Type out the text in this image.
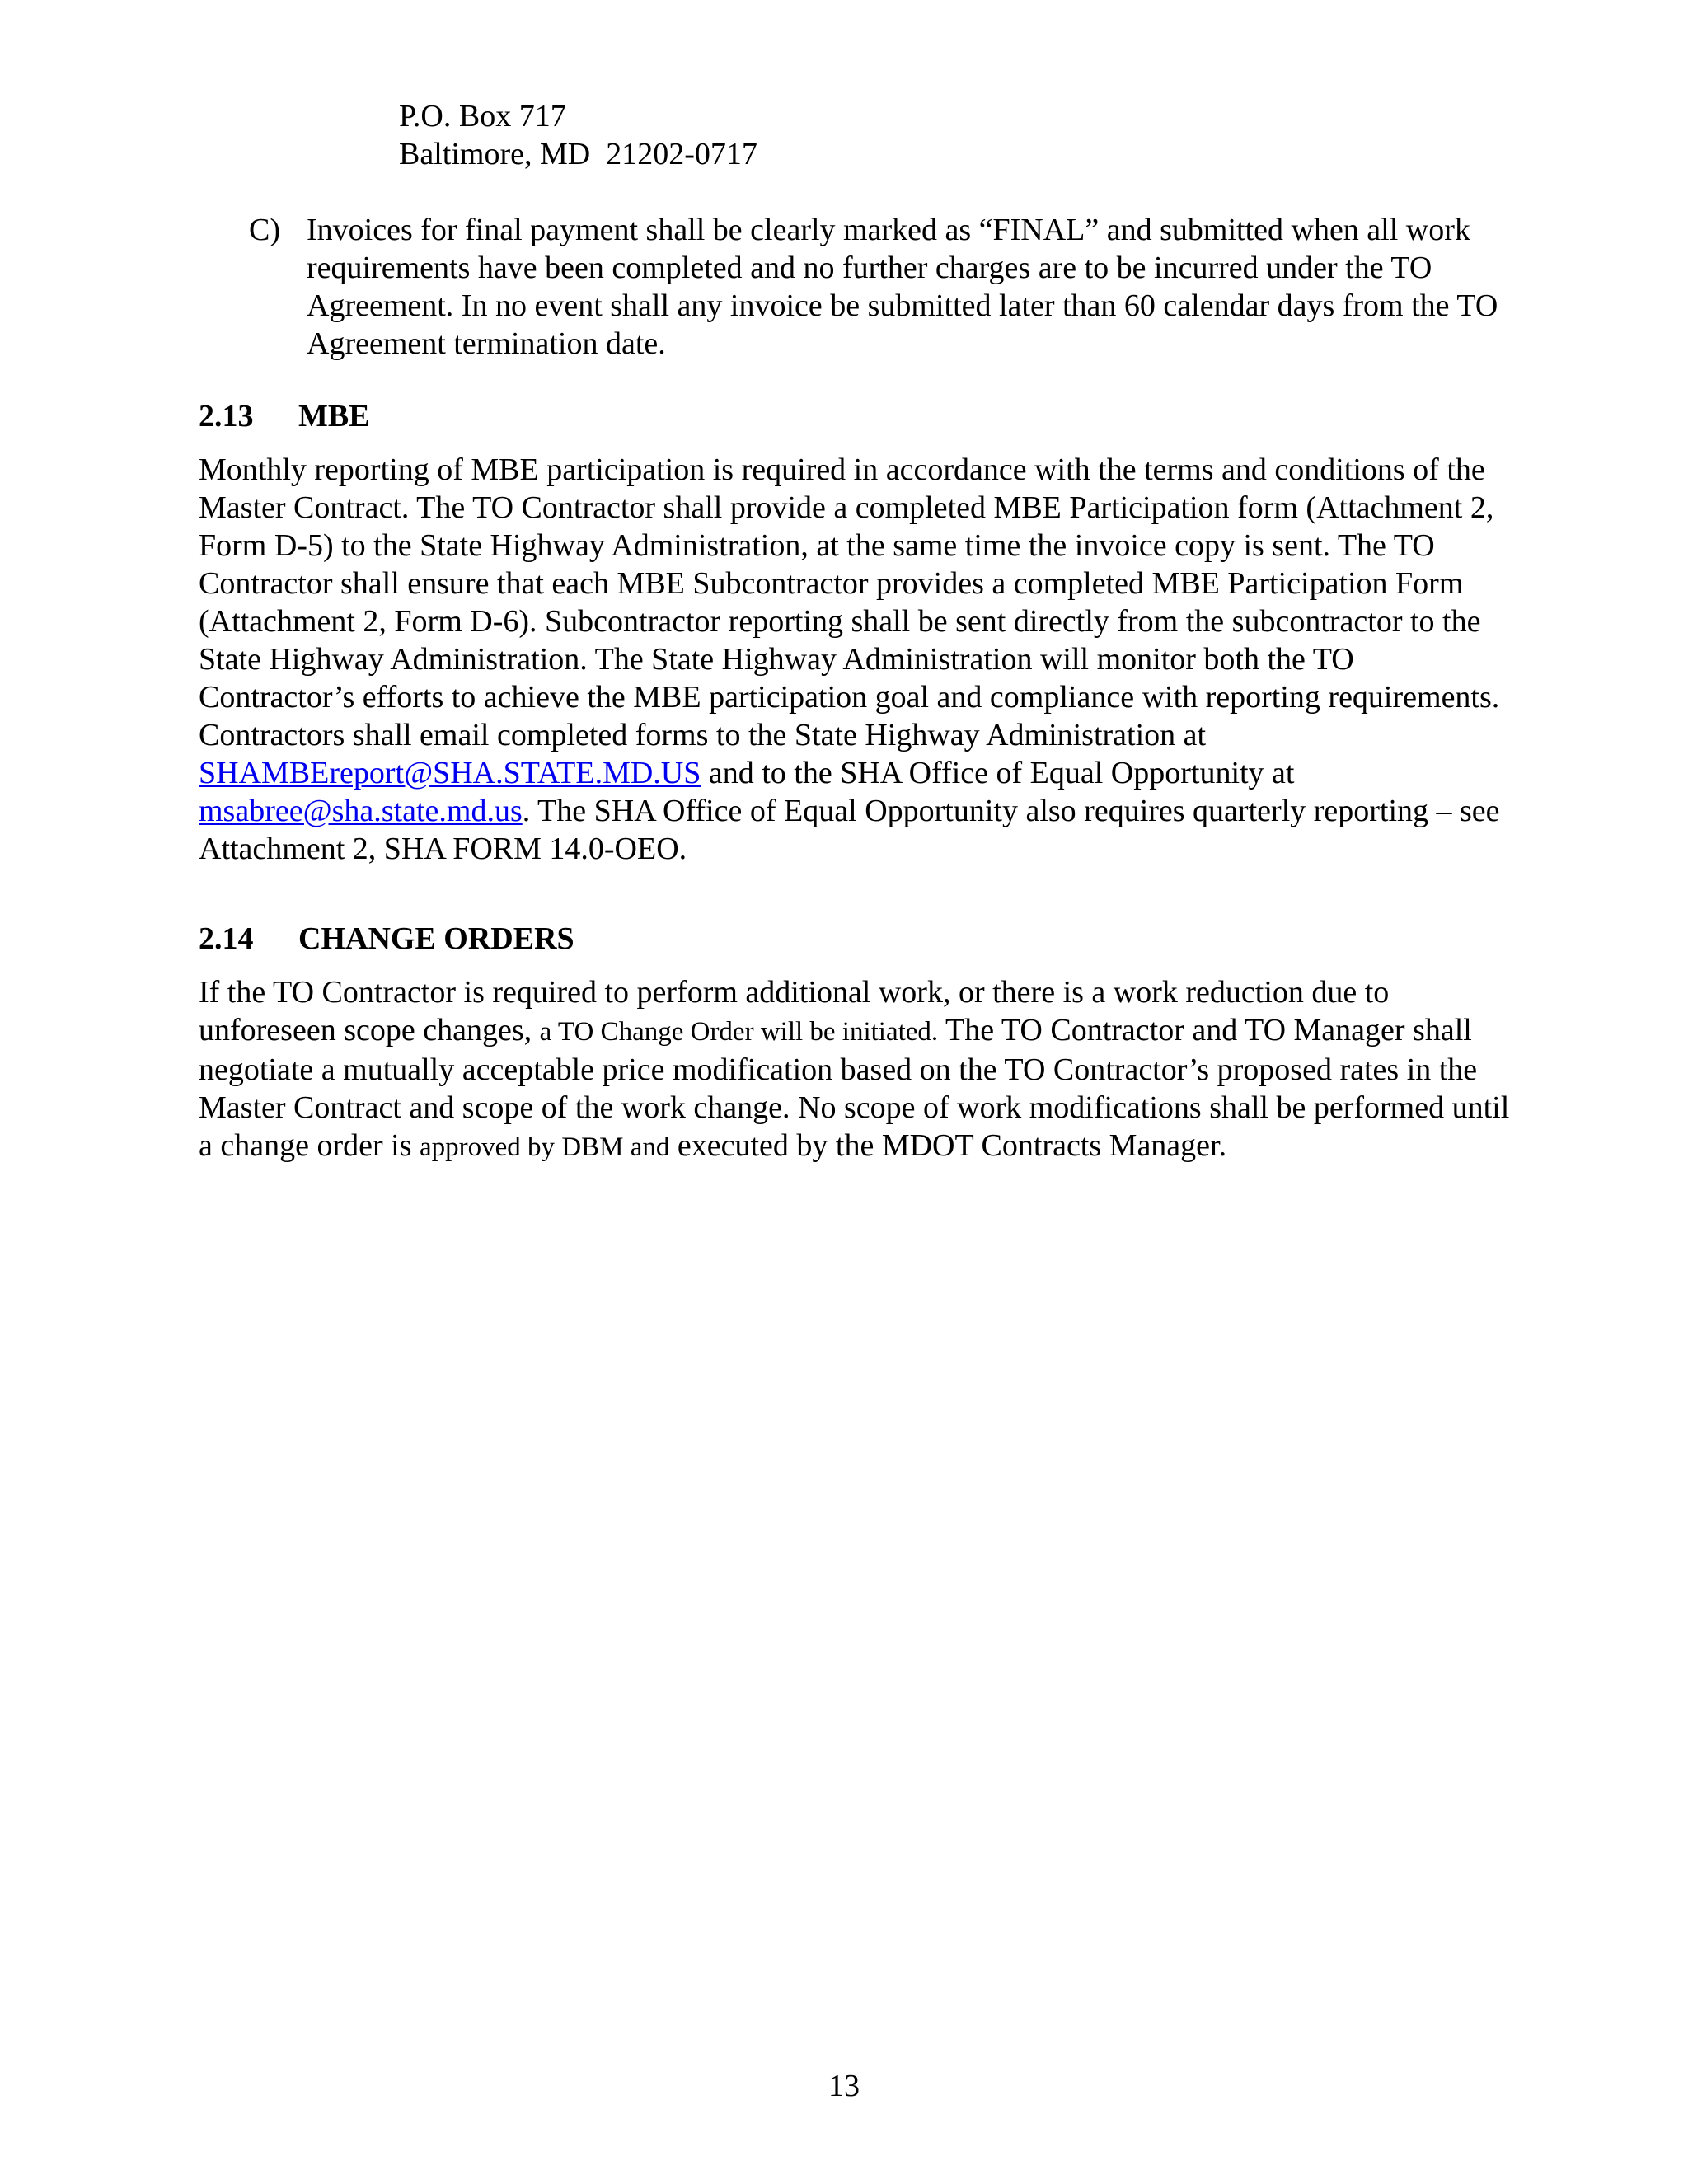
P.O. Box 717
Baltimore, MD  21202-0717
C) Invoices for final payment shall be clearly marked as “FINAL” and submitted when all work requirements have been completed and no further charges are to be incurred under the TO Agreement. In no event shall any invoice be submitted later than 60 calendar days from the TO Agreement termination date.
2.13 MBE
Monthly reporting of MBE participation is required in accordance with the terms and conditions of the Master Contract. The TO Contractor shall provide a completed MBE Participation form (Attachment 2, Form D-5) to the State Highway Administration, at the same time the invoice copy is sent. The TO Contractor shall ensure that each MBE Subcontractor provides a completed MBE Participation Form (Attachment 2, Form D-6). Subcontractor reporting shall be sent directly from the subcontractor to the State Highway Administration. The State Highway Administration will monitor both the TO Contractor’s efforts to achieve the MBE participation goal and compliance with reporting requirements. Contractors shall email completed forms to the State Highway Administration at SHAMBEreport@SHA.STATE.MD.US and to the SHA Office of Equal Opportunity at msabree@sha.state.md.us. The SHA Office of Equal Opportunity also requires quarterly reporting – see Attachment 2, SHA FORM 14.0-OEO.
2.14 CHANGE ORDERS
If the TO Contractor is required to perform additional work, or there is a work reduction due to unforeseen scope changes, a TO Change Order will be initiated. The TO Contractor and TO Manager shall negotiate a mutually acceptable price modification based on the TO Contractor’s proposed rates in the Master Contract and scope of the work change. No scope of work modifications shall be performed until a change order is approved by DBM and executed by the MDOT Contracts Manager.
13
